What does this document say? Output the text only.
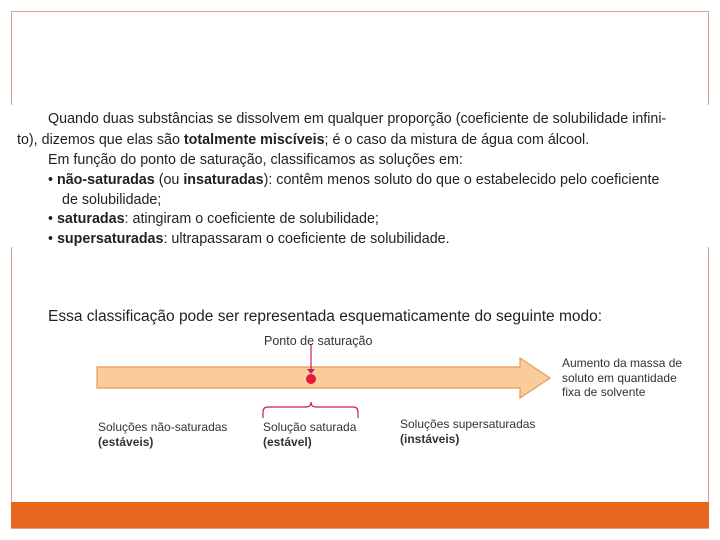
Quando duas substâncias se dissolvem em qualquer proporção (coeficiente de solubilidade infini-

to), dizemos que elas são totalmente miscíveis; é o caso da mistura de água com álcool.

Em função do ponto de saturação, classificamos as soluções em:

• não-saturadas (ou insaturadas): contêm menos soluto do que o estabelecido pelo coeficiente

de solubilidade;

• saturadas: atingiram o coeficiente de solubilidade;

• supersaturadas: ultrapassaram o coeficiente de solubilidade.

Essa classificação pode ser representada esquematicamente do seguinte modo:
Ponto de saturação
Aumento da massa de
soluto em quantidade
fixa de solvente
Soluções não-saturadas
(estáveis)
Solução saturada
(estável)
Soluções supersaturadas
(instáveis)
